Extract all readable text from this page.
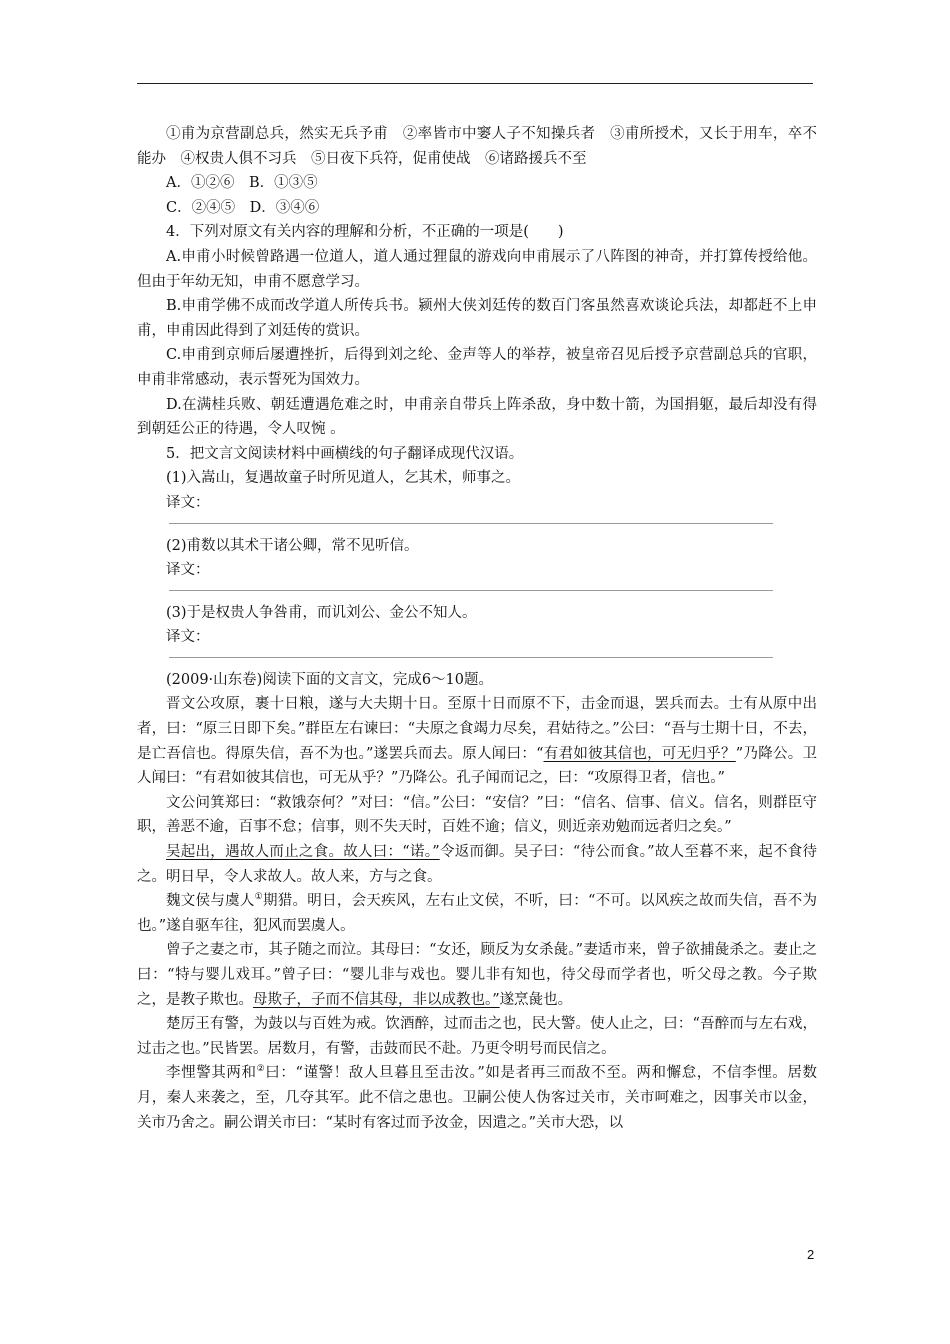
①甫为京营副总兵，然实无兵予甫　②率皆市中窭人子不知操兵者　③甫所授术，又长于用车，卒不能办　④权贵人俱不习兵　⑤日夜下兵符，促甫使战　⑥诸路援兵不至

A．①②⑥　B．①③⑤

C．②④⑤　D．③④⑥

4．下列对原文有关内容的理解和分析，不正确的一项是(　　)

A.申甫小时候曾路遇一位道人，道人通过狸鼠的游戏向申甫展示了八阵图的神奇，并打算传授给他。但由于年幼无知，申甫不愿意学习。

B.申甫学佛不成而改学道人所传兵书。颍州大侠刘廷传的数百门客虽然喜欢谈论兵法，却都赶不上申甫，申甫因此得到了刘廷传的赏识。

C.申甫到京师后屡遭挫折，后得到刘之纶、金声等人的举荐，被皇帝召见后授予京营副总兵的官职，申甫非常感动，表示誓死为国效力。

D.在满桂兵败、朝廷遭遇危难之时，申甫亲自带兵上阵杀敌，身中数十箭，为国捐躯，最后却没有得到朝廷公正的待遇，令人叹惋 。

5．把文言文阅读材料中画横线的句子翻译成现代汉语。

(1)入嵩山，复遇故童子时所见道人，乞其术，师事之。

译文：

(2)甫数以其术干诸公卿，常不见听信。

译文：

(3)于是权贵人争咎甫，而讥刘公、金公不知人。

译文：

(2009·山东卷)阅读下面的文言文，完成6～10题。

晋文公攻原，裹十日粮，遂与大夫期十日。至原十日而原不下，击金而退，罢兵而去。士有从原中出者，曰：“原三日即下矣。”群臣左右谏曰：“夫原之食竭力尽矣，君姑待之。”公曰：“吾与士期十日，不去，是亡吾信也。得原失信，吾不为也。”遂罢兵而去。原人闻曰：“有君如彼其信也，可无归乎？”乃降公。卫人闻曰：“有君如彼其信也，可无从乎？”乃降公。孔子闻而记之，曰：“攻原得卫者，信也。”

文公问箕郑曰：“救饿奈何？”对曰：“信。”公曰：“安信？”曰：“信名、信事、信义。信名，则群臣守职，善恶不逾，百事不怠；信事，则不失天时，百姓不逾；信义，则近亲劝勉而远者归之矣。”

吴起出，遇故人而止之食。故人曰：“诺。”令返而御。吴子曰：“待公而食。”故人至暮不来，起不食待之。明日早，令人求故人。故人来，方与之食。

魏文侯与虞人①期猎。明日，会天疾风，左右止文侯，不听，曰：“不可。以风疾之故而失信，吾不为也。”遂自驱车往，犯风而罢虞人。

曾子之妻之市，其子随之而泣。其母曰：“女还，顾反为女杀彘。”妻适市来，曾子欲捕彘杀之。妻止之曰：“特与婴儿戏耳。”曾子曰：“婴儿非与戏也。婴儿非有知也，待父母而学者也，听父母之教。今子欺之，是教子欺也。母欺子，子而不信其母，非以成教也。”遂烹彘也。

楚厉王有警，为鼓以与百姓为戒。饮酒醉，过而击之也，民大警。使人止之，曰：“吾醉而与左右戏，过击之也。”民皆罢。居数月，有警，击鼓而民不赴。乃更令明号而民信之。

李悝警其两和②曰：“谨警！敌人旦暮且至击汝。”如是者再三而敌不至。两和懈怠，不信李悝。居数月，秦人来袭之，至，几夺其军。此不信之患也。卫嗣公使人伪客过关市，关市呵难之，因事关市以金，关市乃舍之。嗣公谓关市曰：“某时有客过而予汝金，因遣之。”关市大恐，以

2
